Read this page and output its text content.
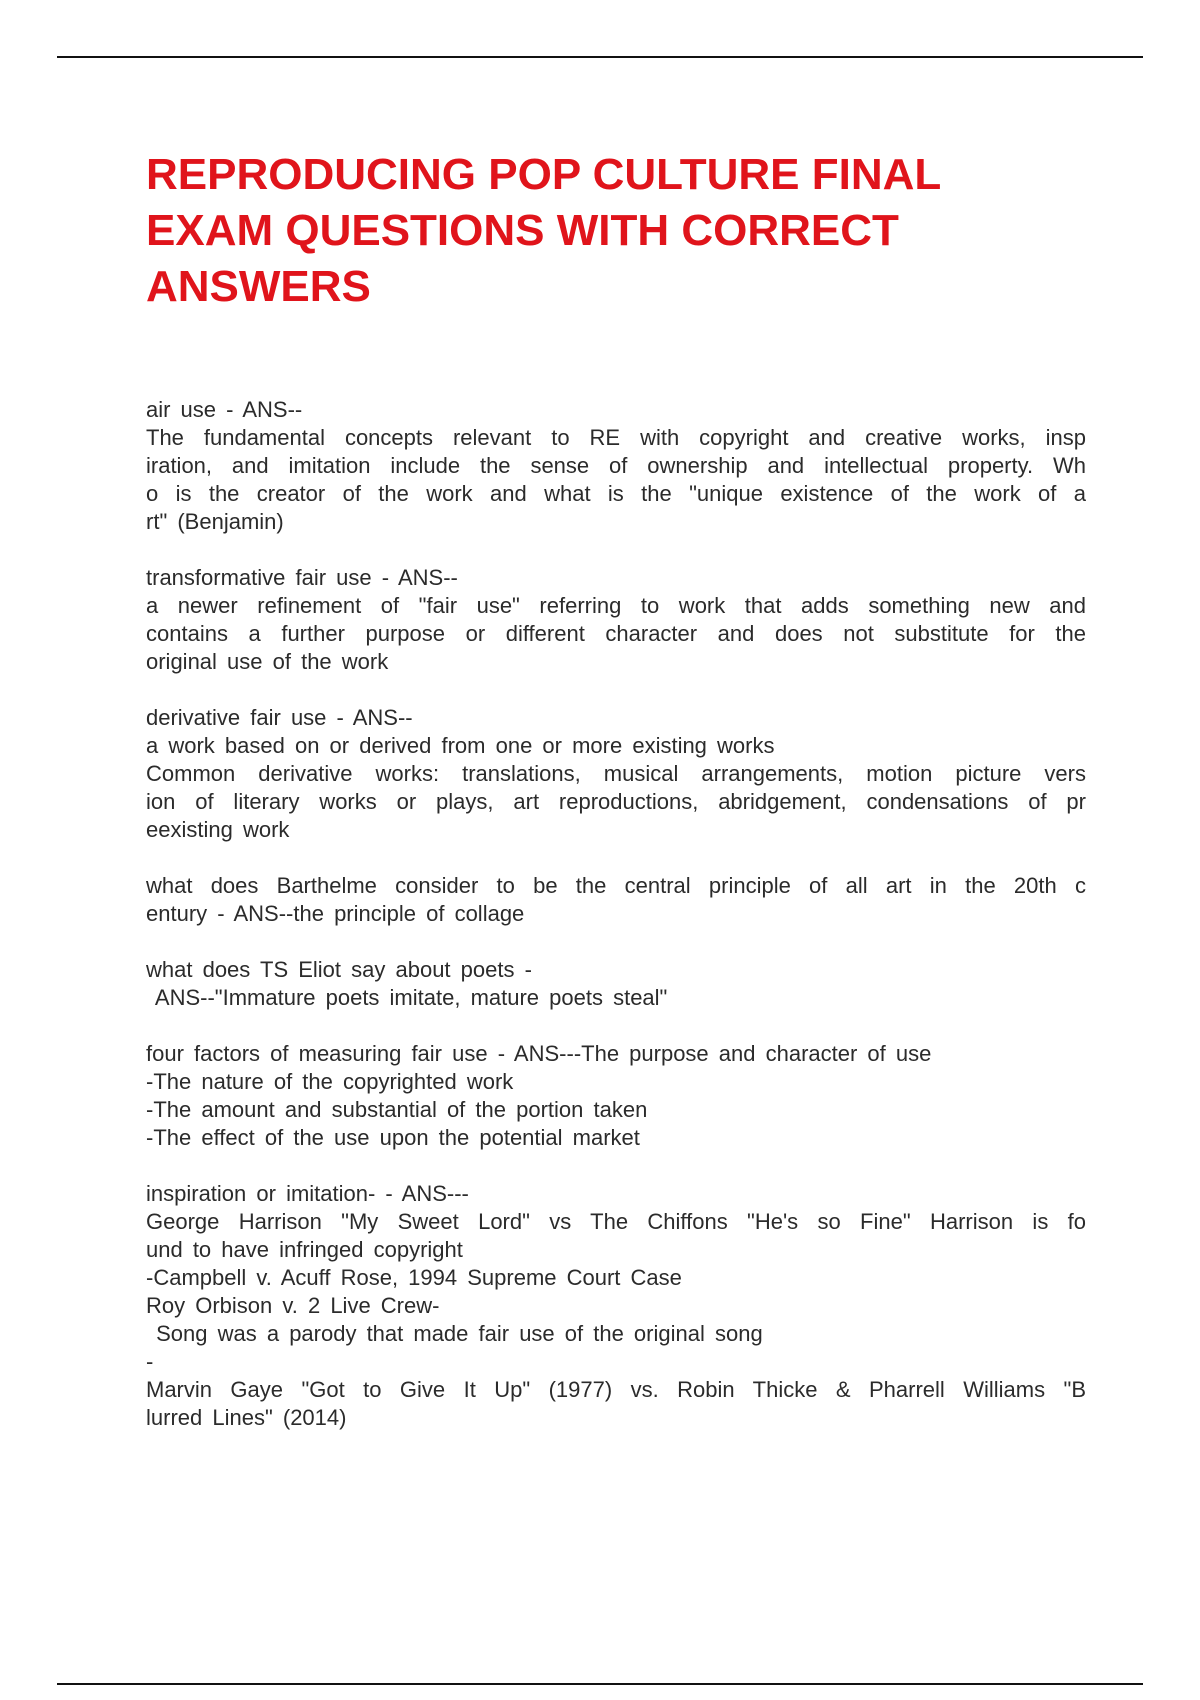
REPRODUCING POP CULTURE FINAL
EXAM QUESTIONS WITH CORRECT
ANSWERS
air use - ANS--
The fundamental concepts relevant to RE with copyright and creative works, insp
iration, and imitation include the sense of ownership and intellectual property. Wh
o is the creator of the work and what is the "unique existence of the work of a
rt" (Benjamin)
transformative fair use - ANS--
a newer refinement of "fair use" referring to work that adds something new and
contains a further purpose or different character and does not substitute for the
original use of the work
derivative fair use - ANS--
a work based on or derived from one or more existing works
Common derivative works: translations, musical arrangements, motion picture vers
ion of literary works or plays, art reproductions, abridgement, condensations of pr
eexisting work
what does Barthelme consider to be the central principle of all art in the 20th c
entury - ANS--the principle of collage
what does TS Eliot say about poets -
ANS--"Immature poets imitate, mature poets steal"
four factors of measuring fair use - ANS---The purpose and character of use
-The nature of the copyrighted work
-The amount and substantial of the portion taken
-The effect of the use upon the potential market
inspiration or imitation- - ANS---
George Harrison "My Sweet Lord" vs The Chiffons "He's so Fine" Harrison is fo
und to have infringed copyright
-Campbell v. Acuff Rose, 1994 Supreme Court Case
Roy Orbison v. 2 Live Crew-
Song was a parody that made fair use of the original song
-
Marvin Gaye "Got to Give It Up" (1977) vs. Robin Thicke & Pharrell Williams "B
lurred Lines" (2014)
